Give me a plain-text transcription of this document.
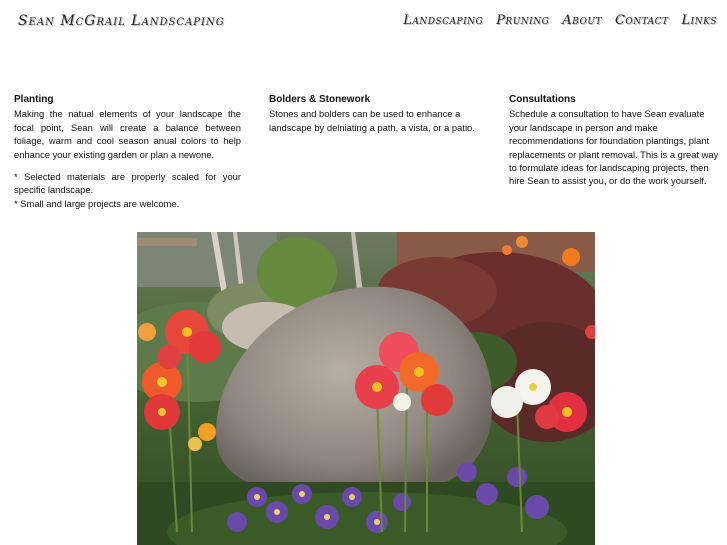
Sean McGrail Landscaping	Landscaping Pruning About Contact Links
Planting

Making the natual elements of your landscape the focal point, Sean will create a balance between foliage, warm and cool season anual colors to help enhance your existing garden or plan a newone.

* Selected materials are properly scaled for your specific landscape.

* Small and large projects are welcome.

Bolders & Stonework

Stones and bolders can be used to enhance a landscape by delniating a path, a vista, or a patio.

Consultations

Schedule a consultation to have Sean evaluate your landscape in person and make recommendations for foundation plantings, plant replacements or plant removal. This is a great way to formulate ideas for landscaping projects, then hire Sean to assist you, or do the work yourself.
